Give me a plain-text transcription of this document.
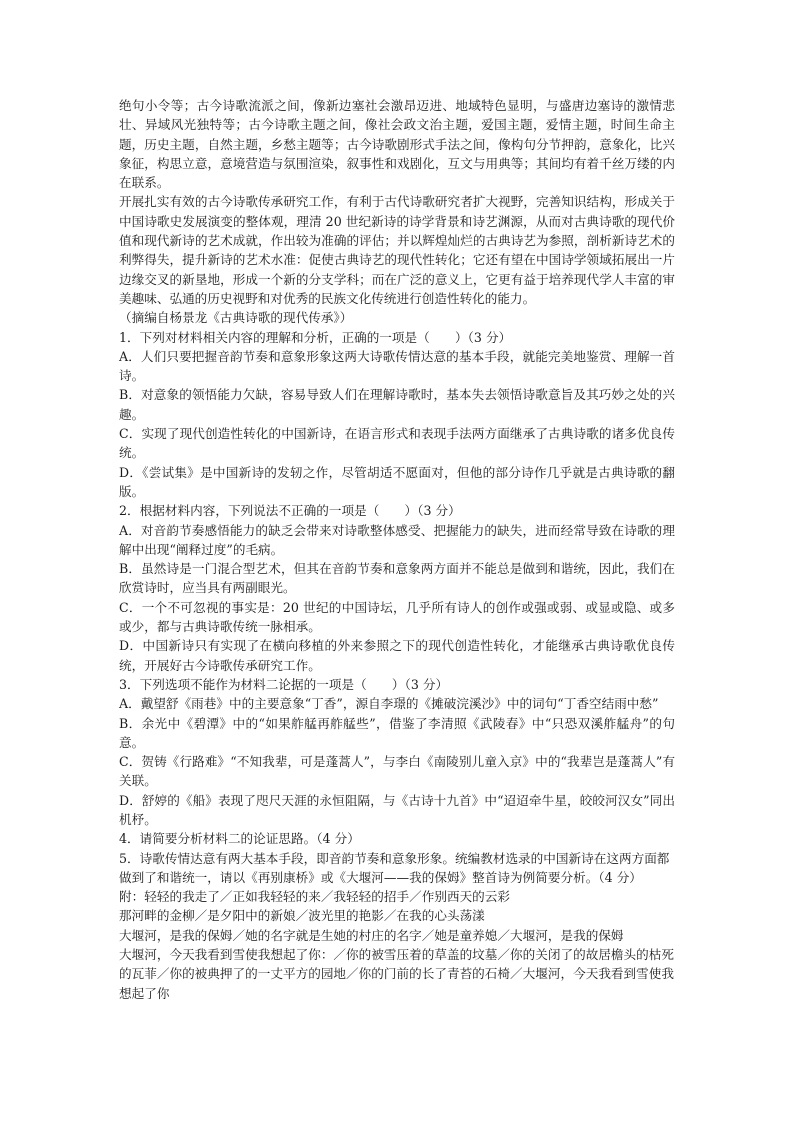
绝句小令等；古今诗歌流派之间，像新边塞社会激昂迈进、地域特色显明，与盛唐边塞诗的激情悲壮、异域风光独特等；古今诗歌主题之间，像社会政文治主题，爱国主题，爱情主题，时间生命主题，历史主题，自然主题，乡愁主题等；古今诗歌剧形式手法之间，像构句分节押韵，意象化，比兴象征，构思立意，意境营造与氛围渲染，叙事性和戏剧化，互文与用典等；其间均有着千丝万缕的内在联系。

开展扎实有效的古今诗歌传承研究工作，有利于古代诗歌研究者扩大视野，完善知识结构，形成关于中国诗歌史发展演变的整体观，理清 20 世纪新诗的诗学背景和诗艺渊源，从而对古典诗歌的现代价值和现代新诗的艺术成就，作出较为准确的评估；并以辉煌灿烂的古典诗艺为参照，剖析新诗艺术的利弊得失，提升新诗的艺术水准：促使古典诗艺的现代性转化；它还有望在中国诗学领域拓展出一片边缘交叉的新垦地，形成一个新的分支学科；而在广泛的意义上，它更有益于培养现代学人丰富的审美趣味、弘通的历史视野和对优秀的民族文化传统进行创造性转化的能力。

（摘编自杨景龙《古典诗歌的现代传承》）

1．下列对材料相关内容的理解和分析，正确的一项是（　　）（3 分）

A．人们只要把握音韵节奏和意象形象这两大诗歌传情达意的基本手段，就能完美地鉴赏、理解一首诗。

B．对意象的领悟能力欠缺，容易导致人们在理解诗歌时，基本失去领悟诗歌意旨及其巧妙之处的兴趣。

C．实现了现代创造性转化的中国新诗，在语言形式和表现手法两方面继承了古典诗歌的诸多优良传统。

D．《尝试集》是中国新诗的发轫之作，尽管胡适不愿面对，但他的部分诗作几乎就是古典诗歌的翻版。

2．根据材料内容，下列说法不正确的一项是（　　）（3 分）

A．对音韵节奏感悟能力的缺乏会带来对诗歌整体感受、把握能力的缺失，进而经常导致在诗歌的理解中出现“阐释过度”的毛病。

B．虽然诗是一门混合型艺术，但其在音韵节奏和意象两方面并不能总是做到和谐统，因此，我们在欣赏诗时，应当具有两副眼光。

C．一个不可忽视的事实是：20 世纪的中国诗坛，几乎所有诗人的创作或强或弱、或显或隐、或多或少，都与古典诗歌传统一脉相承。

D．中国新诗只有实现了在横向移植的外来参照之下的现代创造性转化，才能继承古典诗歌优良传统，开展好古今诗歌传承研究工作。

3．下列选项不能作为材料二论据的一项是（　　）（3 分）

A．戴望舒《雨巷》中的主要意象“丁香”，源自李璟的《摊破浣溪沙》中的词句“丁香空结雨中愁”

B．余光中《碧潭》中的“如果舴艋再舴艋些”，借鉴了李清照《武陵春》中“只恐双溪舴艋舟”的句意。

C．贺铸《行路难》“不知我辈，可是蓬蒿人”，与李白《南陵别儿童入京》中的“我辈岂是蓬蒿人”有关联。

D．舒婷的《船》表现了咫尺天涯的永恒阻隔，与《古诗十九首》中“迢迢牵牛星，皎皎河汉女”同出机杼。

4．请简要分析材料二的论证思路。（4 分）

5．诗歌传情达意有两大基本手段，即音韵节奏和意象形象。统编教材选录的中国新诗在这两方面都做到了和谐统一，请以《再别康桥》或《大堰河——我的保姆》整首诗为例简要分析。（4 分）

附：轻轻的我走了／正如我轻轻的来／我轻轻的招手／作别西天的云彩

那河畔的金柳／是夕阳中的新娘／波光里的艳影／在我的心头荡漾

大堰河，是我的保姆／她的名字就是生她的村庄的名字／她是童养媳／大堰河，是我的保姆

大堰河，今天我看到雪使我想起了你：／你的被雪压着的草盖的坟墓／你的关闭了的故居檐头的枯死的瓦菲／你的被典押了的一丈平方的园地／你的门前的长了青苔的石椅／大堰河，今天我看到雪使我想起了你
